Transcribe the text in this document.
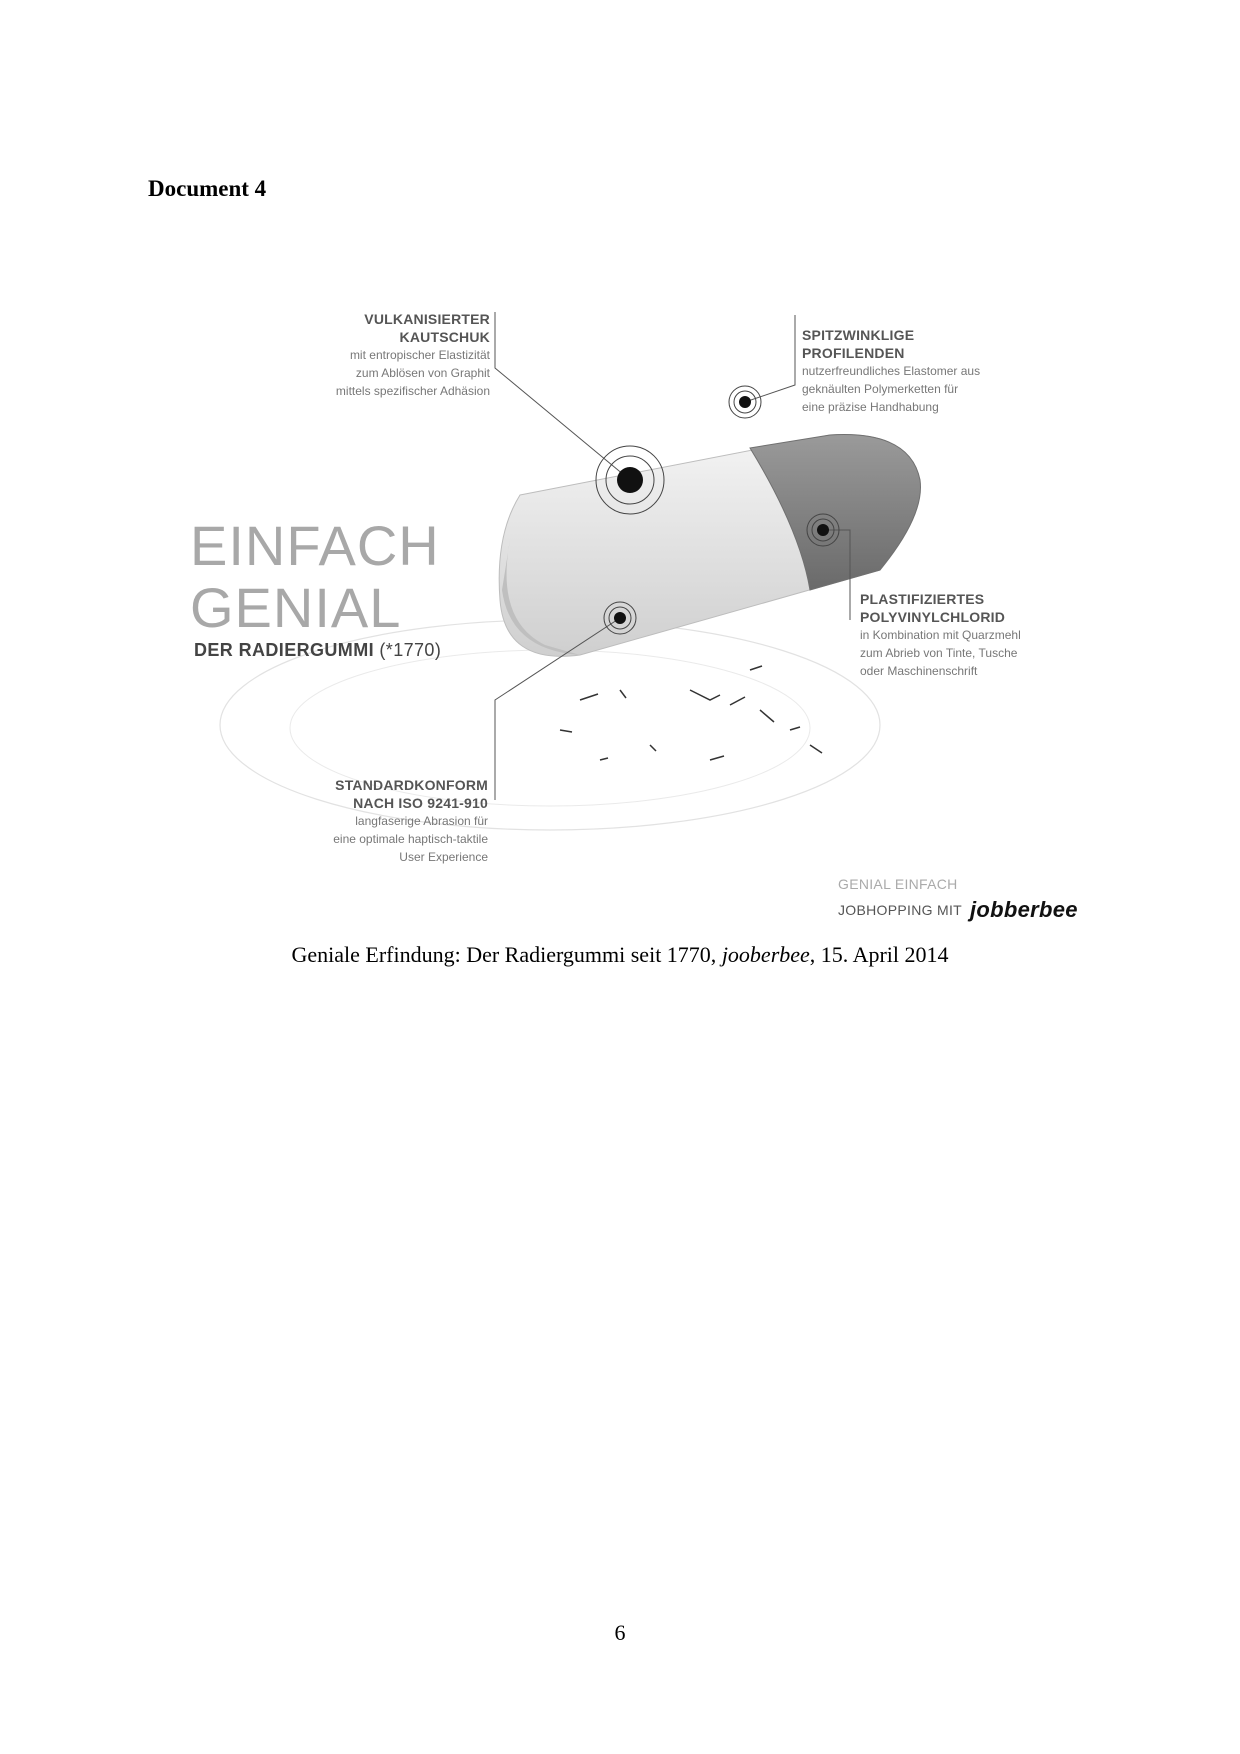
Document 4
VULKANISIERTER
KAUTSCHUK
mit entropischer Elastizität
zum Ablösen von Graphit
mittels spezifischer Adhäsion
SPITZWINKLIGE
PROFILENDEN
nutzerfreundliches Elastomer aus
geknäulten Polymerketten für
eine präzise Handhabung
PLASTIFIZIERTES
POLYVINYLCHLORID
in Kombination mit Quarzmehl
zum Abrieb von Tinte, Tusche
oder Maschinenschrift
STANDARDKONFORM
NACH ISO 9241-910
langfaserige Abrasion für
eine optimale haptisch-taktile
User Experience
EINFACH
GENIAL
DER RADIERGUMMI (*1770)
GENIAL EINFACH
JOBHOPPING MIT jobberbee
Geniale Erfindung: Der Radiergummi seit 1770, jooberbee, 15. April 2014
6
